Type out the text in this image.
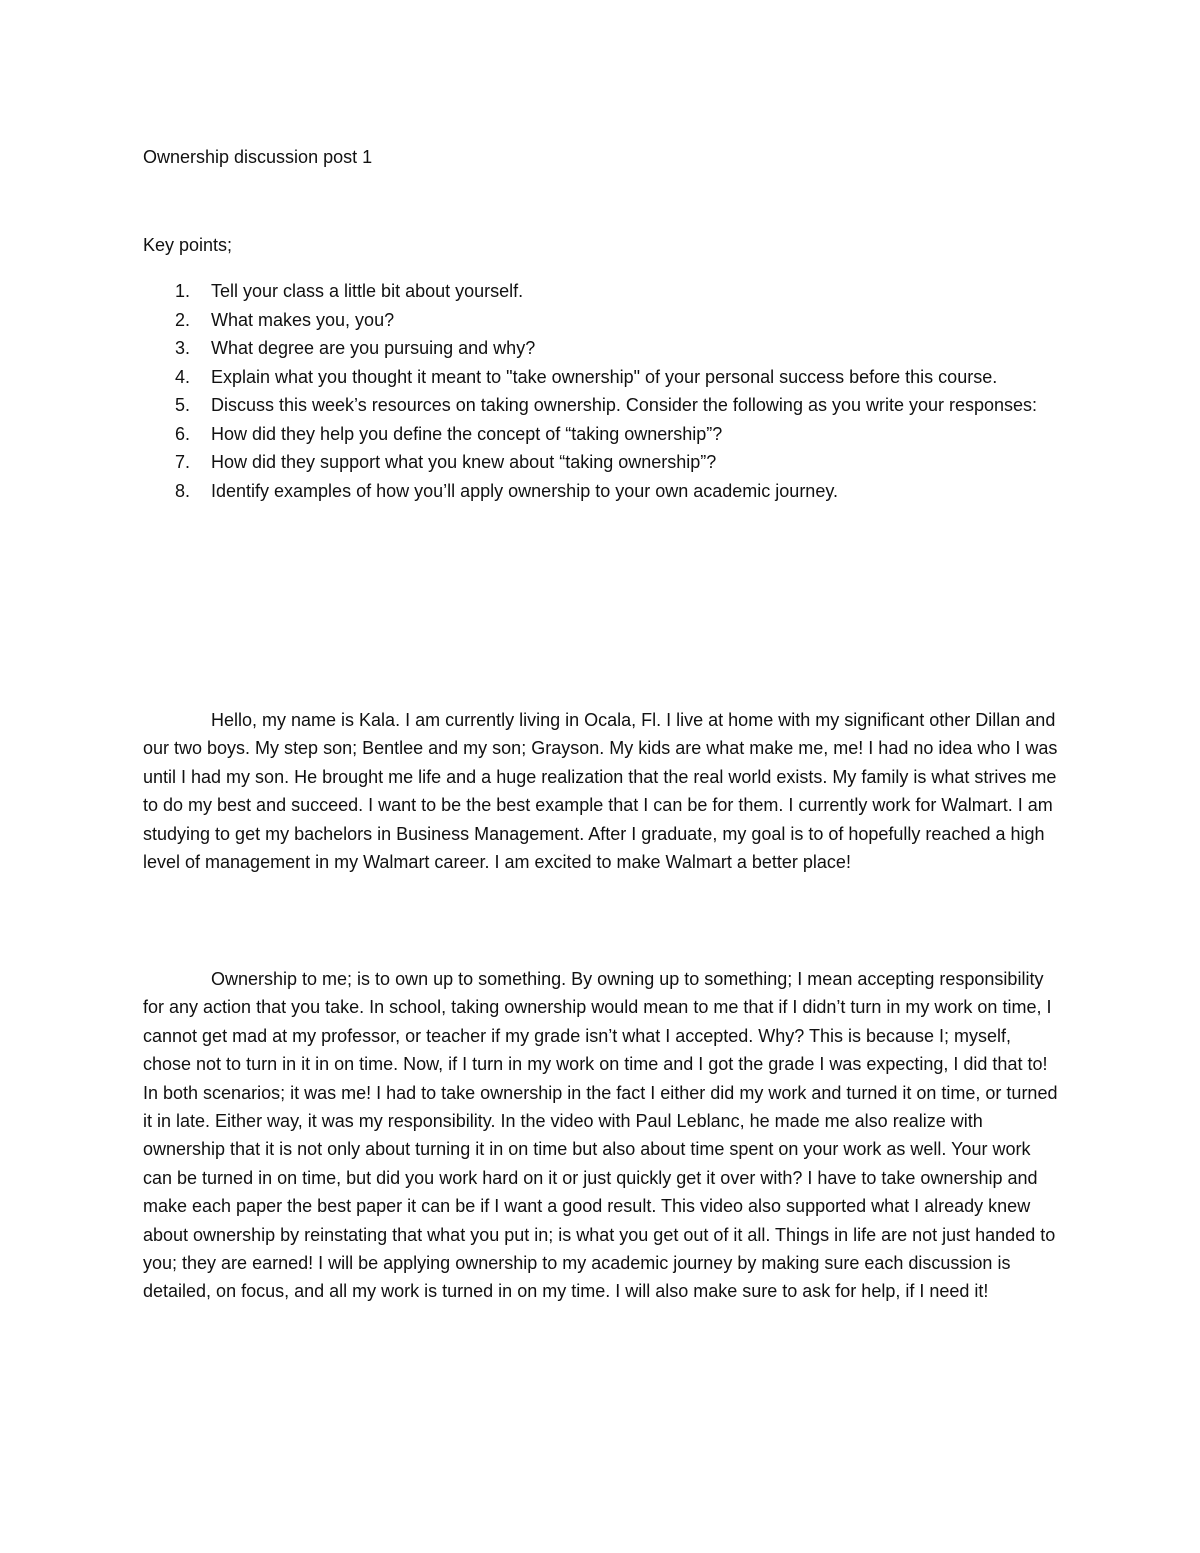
Ownership discussion post 1
Key points;
1.	Tell your class a little bit about yourself.
2.	What makes you, you?
3.	What degree are you pursuing and why?
4.	Explain what you thought it meant to "take ownership" of your personal success before this course.
5.	Discuss this week’s resources on taking ownership. Consider the following as you write your responses:
6.	How did they help you define the concept of “taking ownership”?
7.	How did they support what you knew about “taking ownership”?
8.	Identify examples of how you’ll apply ownership to your own academic journey.

Hello, my name is Kala. I am currently living in Ocala, Fl. I live at home with my significant other Dillan and our two boys. My step son; Bentlee and my son; Grayson. My kids are what make me, me! I had no idea who I was until I had my son. He brought me life and a huge realization that the real world exists. My family is what strives me to do my best and succeed. I want to be the best example that I can be for them. I currently work for Walmart. I am studying to get my bachelors in Business Management. After I graduate, my goal is to of hopefully reached a high level of management in my Walmart career. I am excited to make Walmart a better place!

Ownership to me; is to own up to something. By owning up to something; I mean accepting responsibility for any action that you take. In school, taking ownership would mean to me that if I didn’t turn in my work on time, I cannot get mad at my professor, or teacher if my grade isn’t what I accepted. Why? This is because I; myself, chose not to turn in it in on time. Now, if I turn in my work on time and I got the grade I was expecting, I did that to! In both scenarios; it was me! I had to take ownership in the fact I either did my work and turned it on time, or turned it in late. Either way, it was my responsibility. In the video with Paul Leblanc, he made me also realize with ownership that it is not only about turning it in on time but also about time spent on your work as well. Your work can be turned in on time, but did you work hard on it or just quickly get it over with? I have to take ownership and make each paper the best paper it can be if I want a good result. This video also supported what I already knew about ownership by reinstating that what you put in; is what you get out of it all. Things in life are not just handed to you; they are earned! I will be applying ownership to my academic journey by making sure each discussion is detailed, on focus, and all my work is turned in on my time. I will also make sure to ask for help, if I need it!
